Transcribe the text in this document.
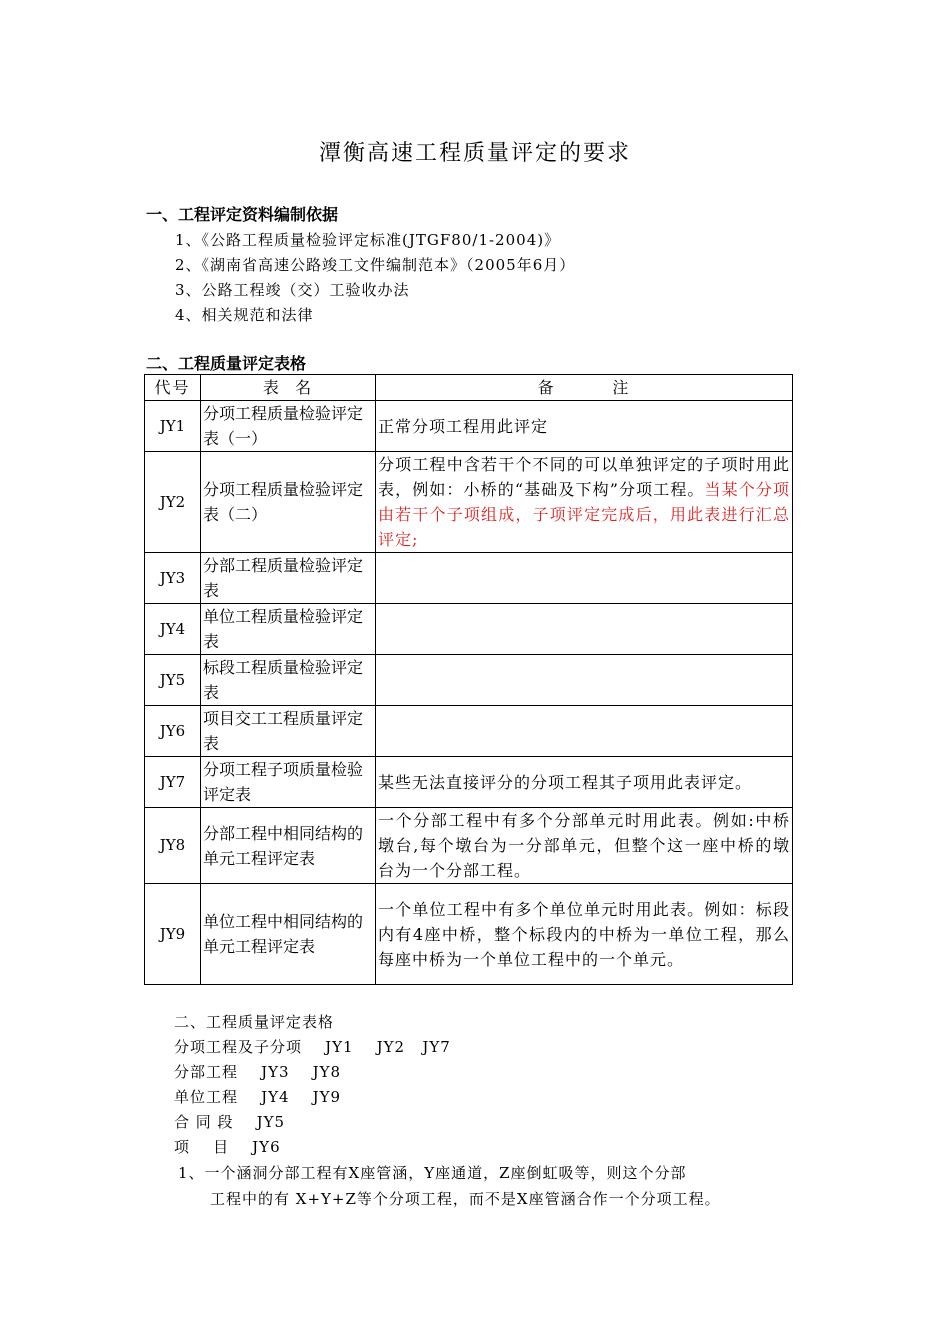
潭衡高速工程质量评定的要求
一、工程评定资料编制依据
1、《公路工程质量检验评定标准(JTGF80/1-2004)》
2、《湖南省高速公路竣工文件编制范本》（2005年6月）
3、公路工程竣（交）工验收办法
4、相关规范和法律
二、工程质量评定表格
代号	表  名	备        注
JY1	分项工程质量检验评定表（一）	正常分项工程用此评定
JY2	分项工程质量检验评定表（二）	分项工程中含若干个不同的可以单独评定的子项时用此表，例如：小桥的“基础及下构”分项工程。当某个分项由若干个子项组成，子项评定完成后，用此表进行汇总评定;
JY3	分部工程质量检验评定表	
JY4	单位工程质量检验评定表	
JY5	标段工程质量检验评定表	
JY6	项目交工工程质量评定表	
JY7	分项工程子项质量检验评定表	某些无法直接评分的分项工程其子项用此表评定。
JY8	分部工程中相同结构的单元工程评定表	一个分部工程中有多个分部单元时用此表。例如:中桥墩台,每个墩台为一分部单元，但整个这一座中桥的墩台为一个分部工程。
JY9	单位工程中相同结构的单元工程评定表	一个单位工程中有多个单位单元时用此表。例如：标段内有4座中桥，整个标段内的中桥为一单位工程，那么每座中桥为一个单位工程中的一个单元。
二、工程质量评定表格
分项工程及子分项 JY1    JY2   JY7
分部工程 JY3    JY8
单位工程 JY4    JY9
合 同 段 JY5
项    目 JY6
1、一个涵洞分部工程有X座管涵，Y座通道，Z座倒虹吸等，则这个分部
工程中的有 X+Y+Z等个分项工程，而不是X座管涵合作一个分项工程。
